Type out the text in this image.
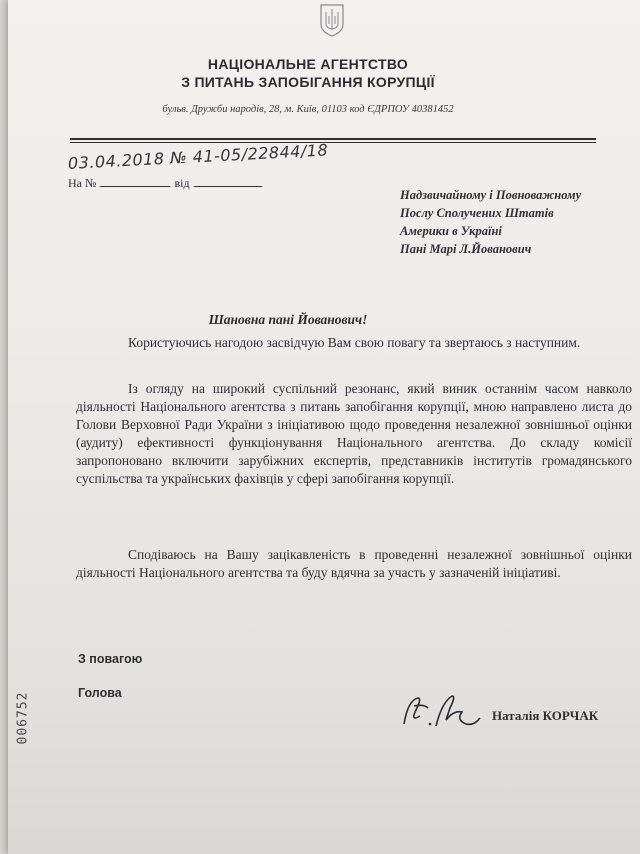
НАЦІОНАЛЬНЕ АГЕНТСТВО
З ПИТАНЬ ЗАПОБІГАННЯ КОРУПЦІЇ
бульв. Дружби народів, 28, м. Київ, 01103 код ЄДРПОУ 40381452
03.04.2018 № 41-05/22844/18
На №	від
Надзвичайному і Повноважному
Послу Сполучених Штатів
Америки в Україні
Пані Марі Л.Йованович
Шановна пані Йованович!
Користуючись нагодою засвідчую Вам свою повагу та звертаюсь з наступним.
Із огляду на широкий суспільний резонанс, який виник останнім часом навколо діяльності Національного агентства з питань запобігання корупції, мною направлено листа до Голови Верховної Ради України з ініціативою щодо проведення незалежної зовнішньої оцінки (аудиту) ефективності функціонування Національного агентства. До складу комісії запропоновано включити зарубіжних експертів, представників інститутів громадянського суспільства та українських фахівців у сфері запобігання корупції.
Сподіваюсь на Вашу зацікавленість в проведенні незалежної зовнішньої оцінки діяльності Національного агентства та буду вдячна за участь у зазначеній ініціативі.
З повагою
Голова
Наталія КОРЧАК
006752
